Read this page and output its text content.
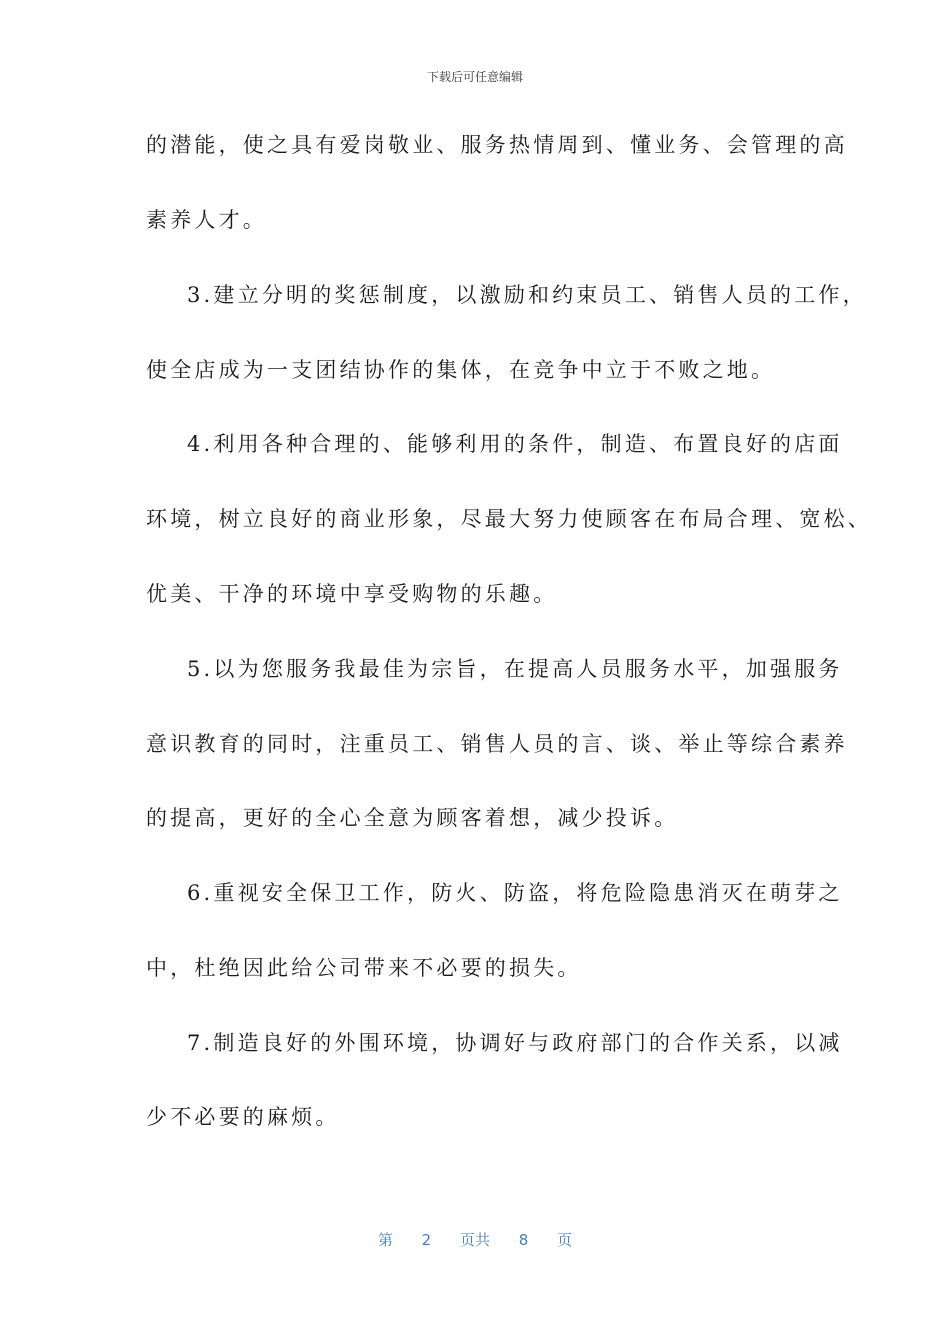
下载后可任意编辑
的潜能，使之具有爱岗敬业、服务热情周到、懂业务、会管理的高
素养人才。
3.建立分明的奖惩制度，以激励和约束员工、销售人员的工作，
使全店成为一支团结协作的集体，在竞争中立于不败之地。
4.利用各种合理的、能够利用的条件，制造、布置良好的店面
环境，树立良好的商业形象，尽最大努力使顾客在布局合理、宽松、
优美、干净的环境中享受购物的乐趣。
5.以为您服务我最佳为宗旨，在提高人员服务水平，加强服务
意识教育的同时，注重员工、销售人员的言、谈、举止等综合素养
的提高，更好的全心全意为顾客着想，减少投诉。
6.重视安全保卫工作，防火、防盗，将危险隐患消灭在萌芽之
中，杜绝因此给公司带来不必要的损失。
7.制造良好的外围环境，协调好与政府部门的合作关系，以减
少不必要的麻烦。
第 2 页共 8 页
